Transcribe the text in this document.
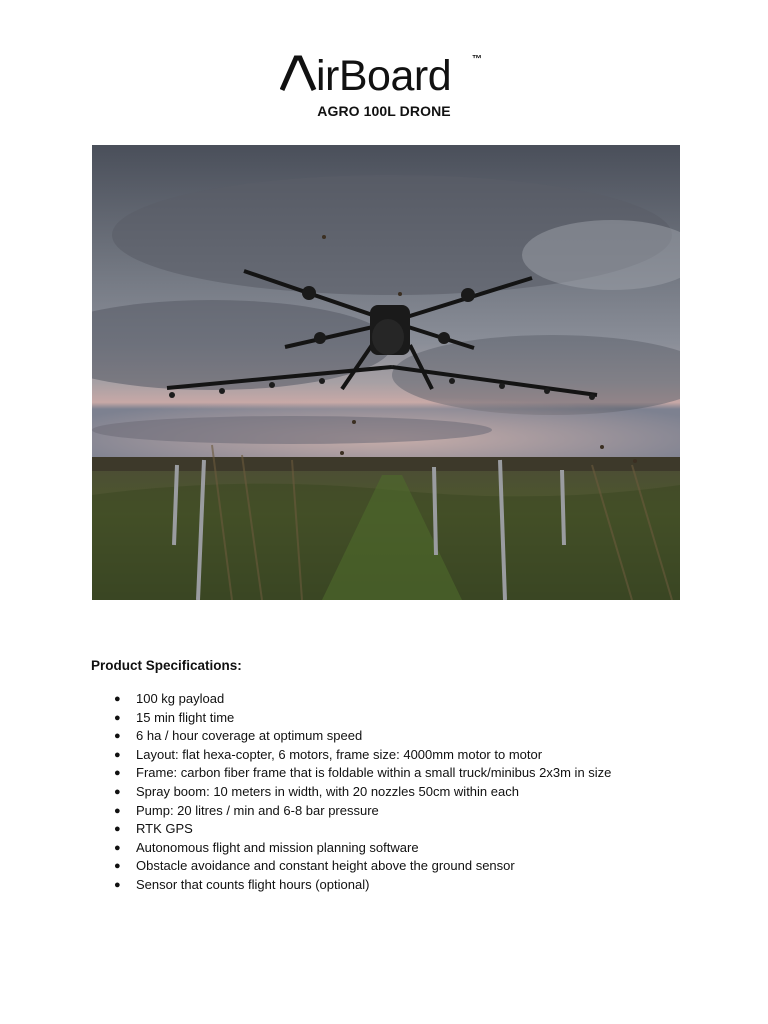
irBoard ™
AGRO 100L DRONE
Product Specifications:
● 100 kg payload
● 15 min flight time
● 6 ha / hour coverage at optimum speed
● Layout: flat hexa-copter, 6 motors, frame size: 4000mm motor to motor
● Frame: carbon fiber frame that is foldable within a small truck/minibus 2x3m in size
● Spray boom: 10 meters in width, with 20 nozzles 50cm within each
● Pump: 20 litres / min and 6-8 bar pressure
● RTK GPS
● Autonomous flight and mission planning software
● Obstacle avoidance and constant height above the ground sensor
● Sensor that counts flight hours (optional)
